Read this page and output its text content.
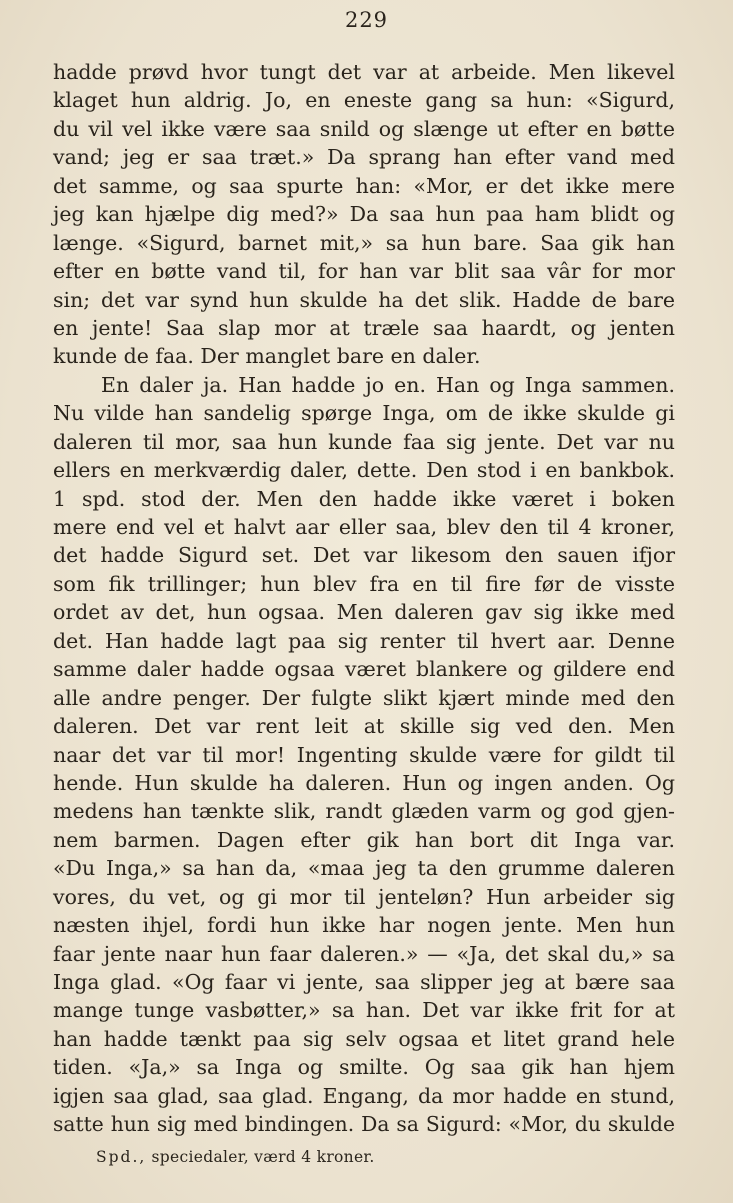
229
hadde prøvd hvor tungt det var at arbeide. Men likevel
klaget hun aldrig. Jo, en eneste gang sa hun: «Sigurd,
du vil vel ikke være saa snild og slænge ut efter en bøtte
vand; jeg er saa træt.» Da sprang han efter vand med
det samme, og saa spurte han: «Mor, er det ikke mere
jeg kan hjælpe dig med?» Da saa hun paa ham blidt og
længe. «Sigurd, barnet mit,» sa hun bare. Saa gik han
efter en bøtte vand til, for han var blit saa vâr for mor
sin; det var synd hun skulde ha det slik. Hadde de bare
en jente! Saa slap mor at træle saa haardt, og jenten
kunde de faa. Der manglet bare en daler.
En daler ja. Han hadde jo en. Han og Inga sammen.
Nu vilde han sandelig spørge Inga, om de ikke skulde gi
daleren til mor, saa hun kunde faa sig jente. Det var nu
ellers en merkværdig daler, dette. Den stod i en bankbok.
1 spd. stod der. Men den hadde ikke været i boken
mere end vel et halvt aar eller saa, blev den til 4 kroner,
det hadde Sigurd set. Det var likesom den sauen ifjor
som fik trillinger; hun blev fra en til fire før de visste
ordet av det, hun ogsaa. Men daleren gav sig ikke med
det. Han hadde lagt paa sig renter til hvert aar. Denne
samme daler hadde ogsaa været blankere og gildere end
alle andre penger. Der fulgte slikt kjært minde med den
daleren. Det var rent leit at skille sig ved den. Men
naar det var til mor! Ingenting skulde være for gildt til
hende. Hun skulde ha daleren. Hun og ingen anden. Og
medens han tænkte slik, randt glæden varm og god gjen-
nem barmen. Dagen efter gik han bort dit Inga var.
«Du Inga,» sa han da, «maa jeg ta den grumme daleren
vores, du vet, og gi mor til jenteløn? Hun arbeider sig
næsten ihjel, fordi hun ikke har nogen jente. Men hun
faar jente naar hun faar daleren.» — «Ja, det skal du,» sa
Inga glad. «Og faar vi jente, saa slipper jeg at bære saa
mange tunge vasbøtter,» sa han. Det var ikke frit for at
han hadde tænkt paa sig selv ogsaa et litet grand hele
tiden. «Ja,» sa Inga og smilte. Og saa gik han hjem
igjen saa glad, saa glad. Engang, da mor hadde en stund,
satte hun sig med bindingen. Da sa Sigurd: «Mor, du skulde
Spd., speciedaler, værd 4 kroner.
